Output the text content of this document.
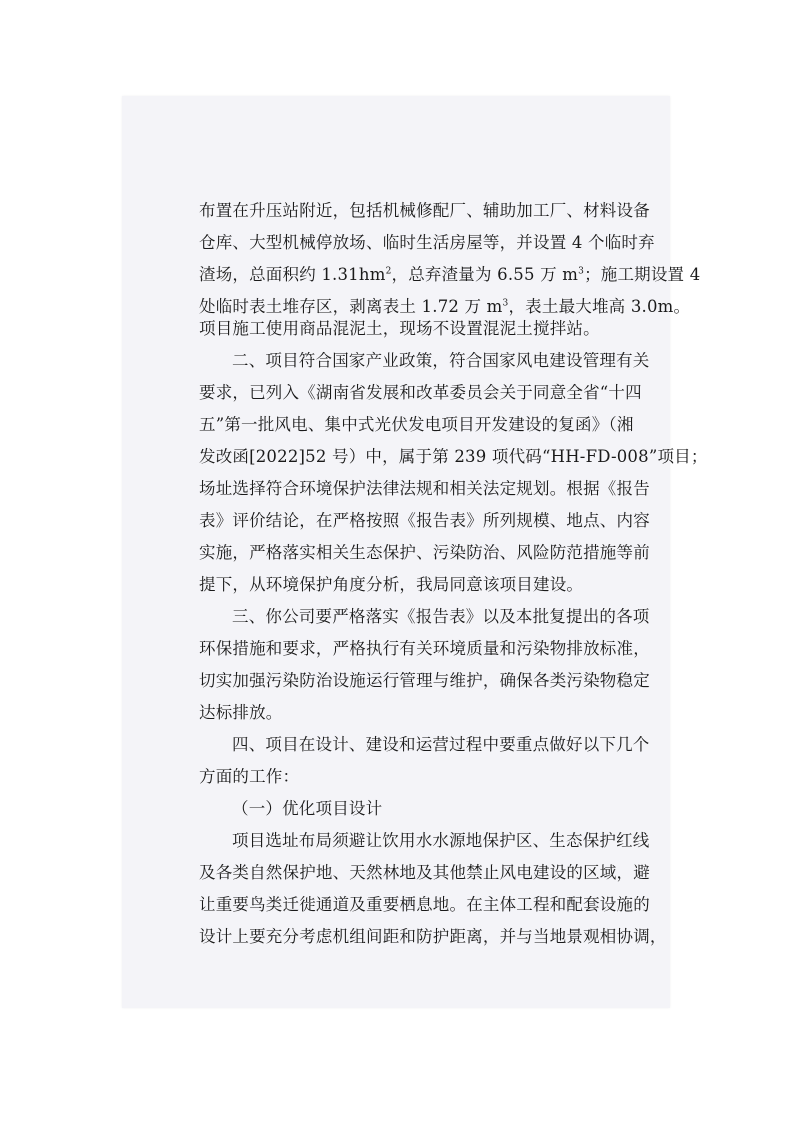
布置在升压站附近，包括机械修配厂、辅助加工厂、材料设备
仓库、大型机械停放场、临时生活房屋等，并设置 4 个临时弃
渣场，总面积约 $1.31hm^2$，总弃渣量为 6.55 万 $m^3$；施工期设置 4
处临时表土堆存区，剥离表土 1.72 万 $m^3$，表土最大堆高 3.0m。
项目施工使用商品混泥土，现场不设置混泥土搅拌站。
二、项目符合国家产业政策，符合国家风电建设管理有关
要求，已列入《湖南省发展和改革委员会关于同意全省“十四
五”第一批风电、集中式光伏发电项目开发建设的复函》（湘
发改函[2022]52 号）中，属于第 239 项代码“HH-FD-008”项目；
场址选择符合环境保护法律法规和相关法定规划。根据《报告
表》评价结论，在严格按照《报告表》所列规模、地点、内容
实施，严格落实相关生态保护、污染防治、风险防范措施等前
提下，从环境保护角度分析，我局同意该项目建设。
三、你公司要严格落实《报告表》以及本批复提出的各项
环保措施和要求，严格执行有关环境质量和污染物排放标准，
切实加强污染防治设施运行管理与维护，确保各类污染物稳定
达标排放。
四、项目在设计、建设和运营过程中要重点做好以下几个
方面的工作：
（一）优化项目设计
项目选址布局须避让饮用水水源地保护区、生态保护红线
及各类自然保护地、天然林地及其他禁止风电建设的区域，避
让重要鸟类迁徙通道及重要栖息地。在主体工程和配套设施的
设计上要充分考虑机组间距和防护距离，并与当地景观相协调，
